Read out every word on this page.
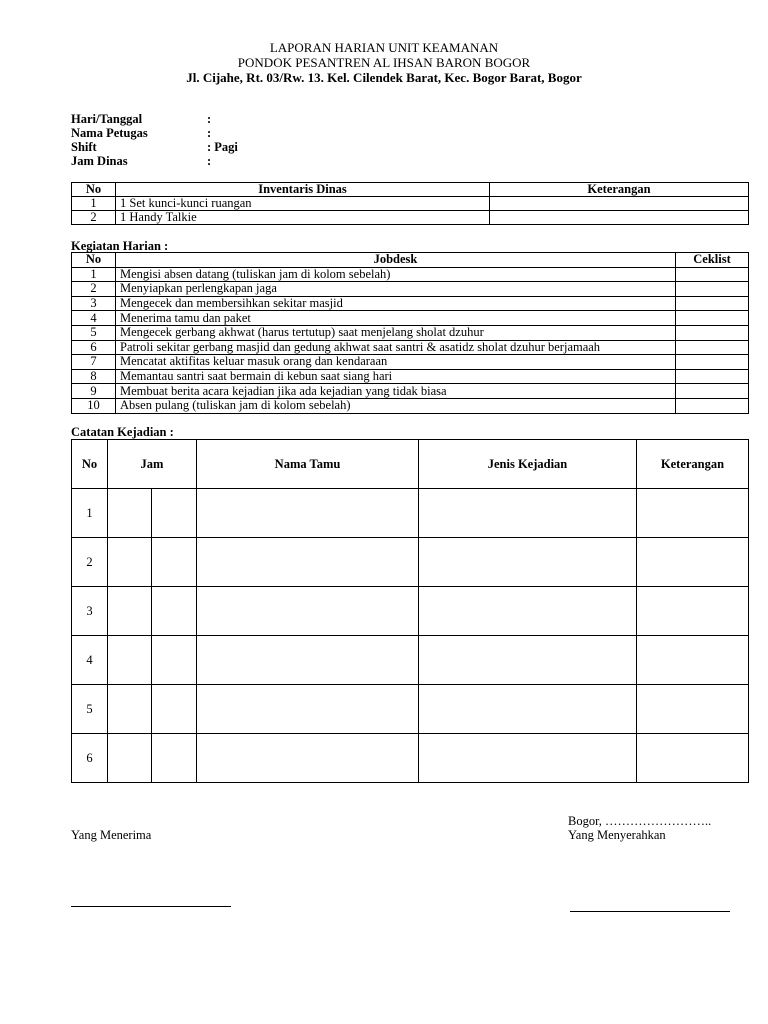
LAPORAN HARIAN UNIT KEAMANAN
PONDOK PESANTREN AL IHSAN BARON BOGOR
Jl. Cijahe, Rt. 03/Rw. 13. Kel. Cilendek Barat, Kec. Bogor Barat, Bogor
Hari/Tanggal	:
Nama Petugas	:
Shift	: Pagi
Jam Dinas	:
No	Inventaris Dinas	Keterangan
1	1 Set kunci-kunci ruangan	
2	1 Handy Talkie	
Kegiatan Harian :
No	Jobdesk	Ceklist
1	Mengisi absen datang (tuliskan jam di kolom sebelah)	
2	Menyiapkan perlengkapan jaga	
3	Mengecek dan membersihkan sekitar masjid	
4	Menerima tamu dan paket	
5	Mengecek gerbang akhwat (harus tertutup) saat menjelang sholat dzuhur	
6	Patroli sekitar gerbang masjid dan gedung akhwat saat santri & asatidz sholat dzuhur berjamaah	
7	Mencatat aktifitas keluar masuk orang dan kendaraan	
8	Memantau santri saat bermain di kebun saat siang hari	
9	Membuat berita acara kejadian jika ada kejadian yang tidak biasa	
10	Absen pulang (tuliskan jam di kolom sebelah)	
Catatan Kejadian :
No	Jam		Nama Tamu	Jenis Kejadian	Keterangan
1					
2					
3					
4					
5					
6					
Bogor, ……………………..
Yang Menerima	Yang Menyerahkan
